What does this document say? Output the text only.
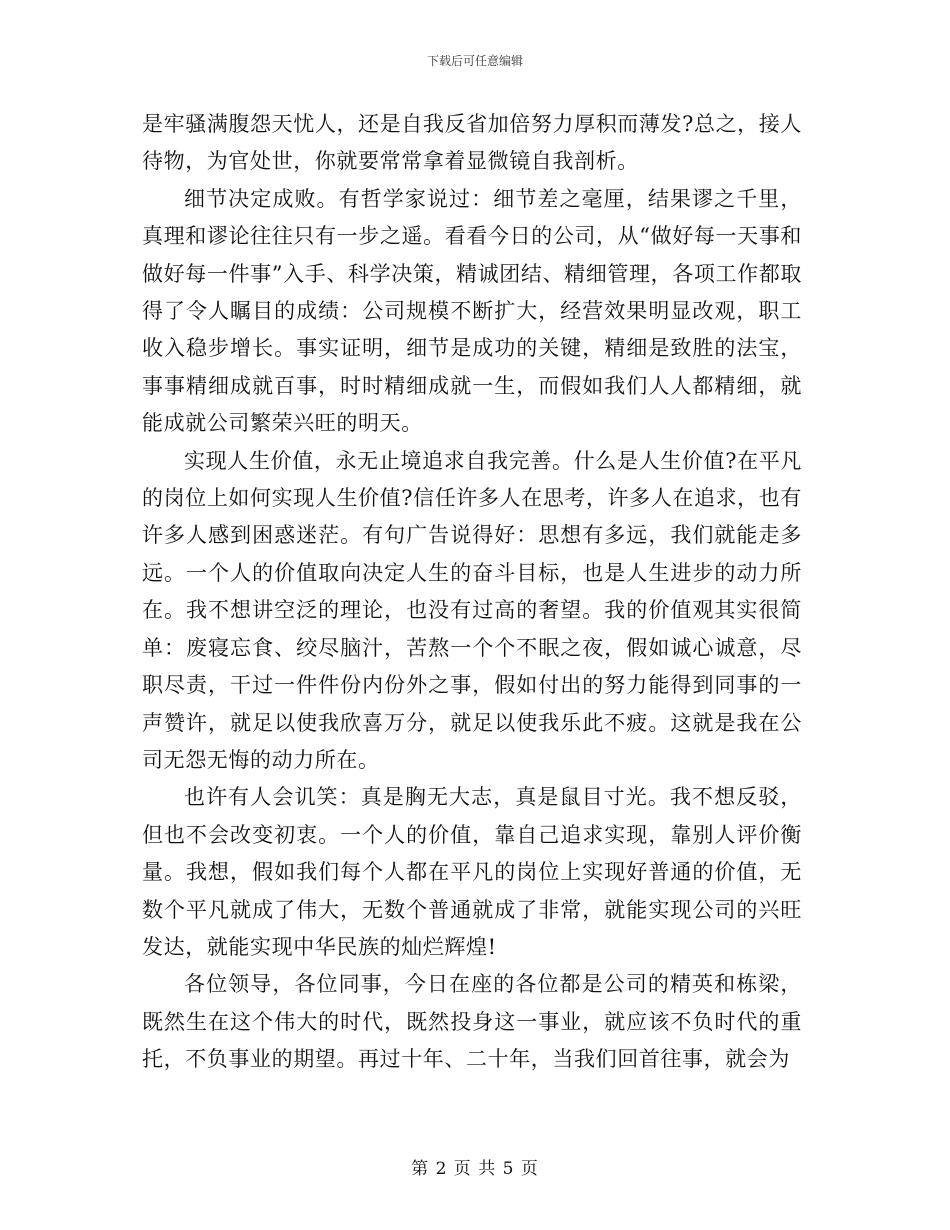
下载后可任意编辑

是牢骚满腹怨天忧人，还是自我反省加倍努力厚积而薄发?总之，接人待物，为官处世，你就要常常拿着显微镜自我剖析。

细节决定成败。有哲学家说过：细节差之毫厘，结果谬之千里，真理和谬论往往只有一步之遥。看看今日的公司，从“做好每一天事和做好每一件事”入手、科学决策，精诚团结、精细管理，各项工作都取得了令人瞩目的成绩：公司规模不断扩大，经营效果明显改观，职工收入稳步增长。事实证明，细节是成功的关键，精细是致胜的法宝，事事精细成就百事，时时精细成就一生，而假如我们人人都精细，就能成就公司繁荣兴旺的明天。

实现人生价值，永无止境追求自我完善。什么是人生价值?在平凡的岗位上如何实现人生价值?信任许多人在思考，许多人在追求，也有许多人感到困惑迷茫。有句广告说得好：思想有多远，我们就能走多远。一个人的价值取向决定人生的奋斗目标，也是人生进步的动力所在。我不想讲空泛的理论，也没有过高的奢望。我的价值观其实很简单：废寝忘食、绞尽脑汁，苦熬一个个不眠之夜，假如诚心诚意，尽职尽责，干过一件件份内份外之事，假如付出的努力能得到同事的一声赞许，就足以使我欣喜万分，就足以使我乐此不疲。这就是我在公司无怨无悔的动力所在。

也许有人会讥笑：真是胸无大志，真是鼠目寸光。我不想反驳，但也不会改变初衷。一个人的价值，靠自己追求实现，靠别人评价衡量。我想，假如我们每个人都在平凡的岗位上实现好普通的价值，无数个平凡就成了伟大，无数个普通就成了非常，就能实现公司的兴旺发达，就能实现中华民族的灿烂辉煌!

各位领导，各位同事，今日在座的各位都是公司的精英和栋梁，既然生在这个伟大的时代，既然投身这一事业，就应该不负时代的重托，不负事业的期望。再过十年、二十年，当我们回首往事，就会为

第 2 页 共 5 页
